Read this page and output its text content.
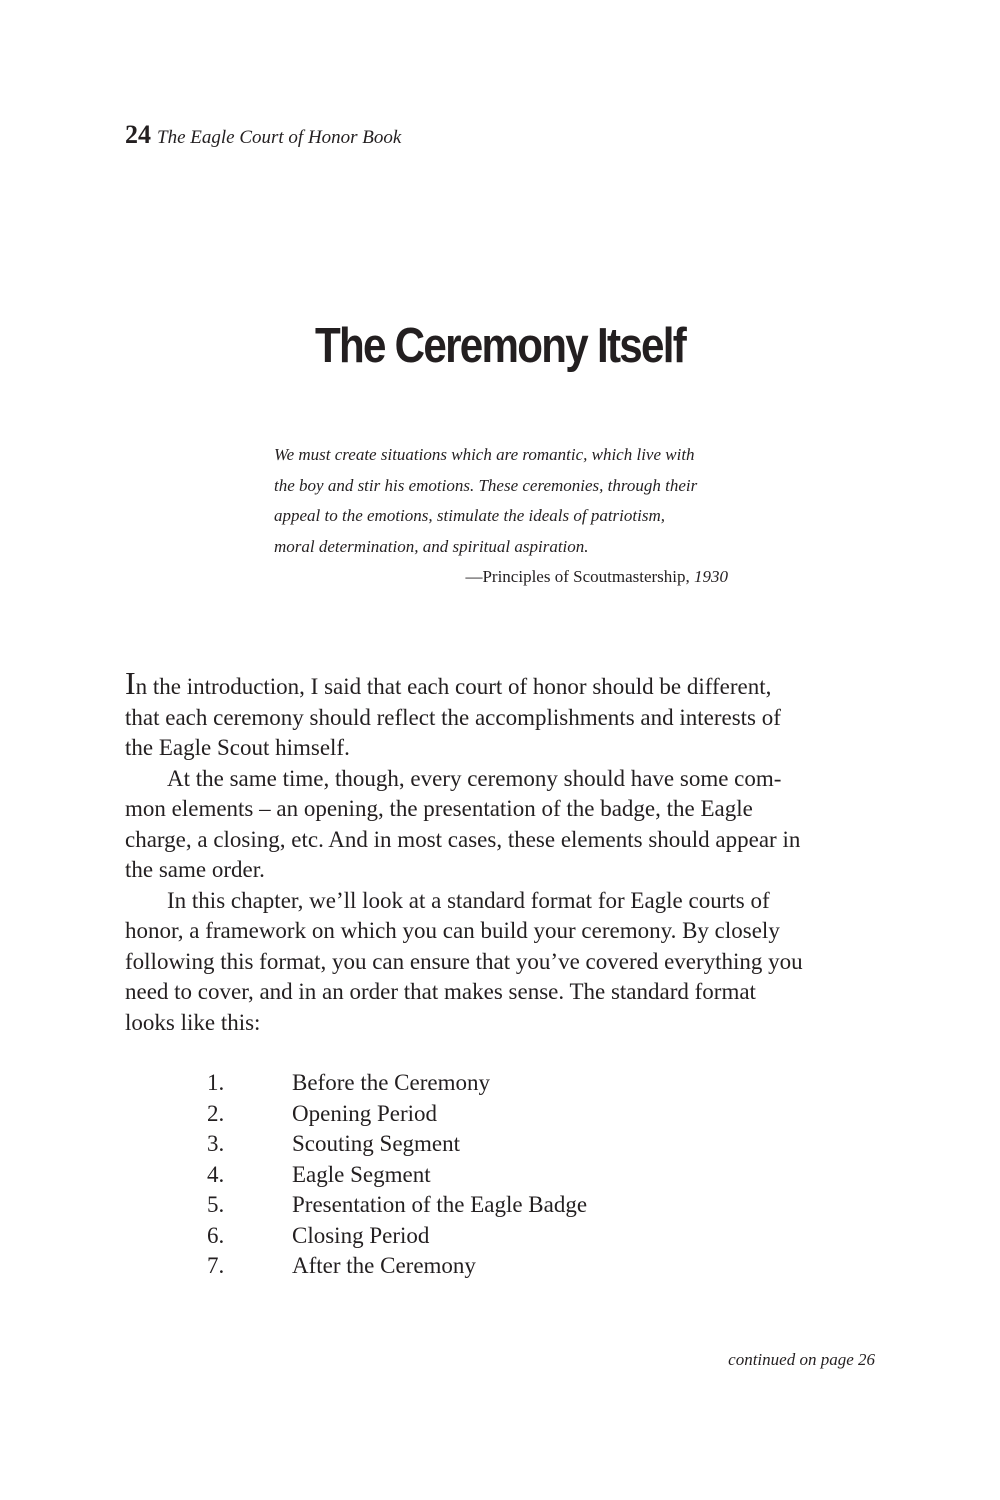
24 The Eagle Court of Honor Book
The Ceremony Itself
We must create situations which are romantic, which live with
the boy and stir his emotions. These ceremonies, through their
appeal to the emotions, stimulate the ideals of patriotism,
moral determination, and spiritual aspiration.
—Principles of Scoutmastership, 1930
In the introduction, I said that each court of honor should be different,
that each ceremony should reflect the accomplishments and interests of
the Eagle Scout himself.
At the same time, though, every ceremony should have some com-
mon elements – an opening, the presentation of the badge, the Eagle
charge, a closing, etc. And in most cases, these elements should appear in
the same order.
In this chapter, we’ll look at a standard format for Eagle courts of
honor, a framework on which you can build your ceremony. By closely
following this format, you can ensure that you’ve covered everything you
need to cover, and in an order that makes sense. The standard format
looks like this:
1.	Before the Ceremony
2.	Opening Period
3.	Scouting Segment
4.	Eagle Segment
5.	Presentation of the Eagle Badge
6.	Closing Period
7.	After the Ceremony
continued on page 26
